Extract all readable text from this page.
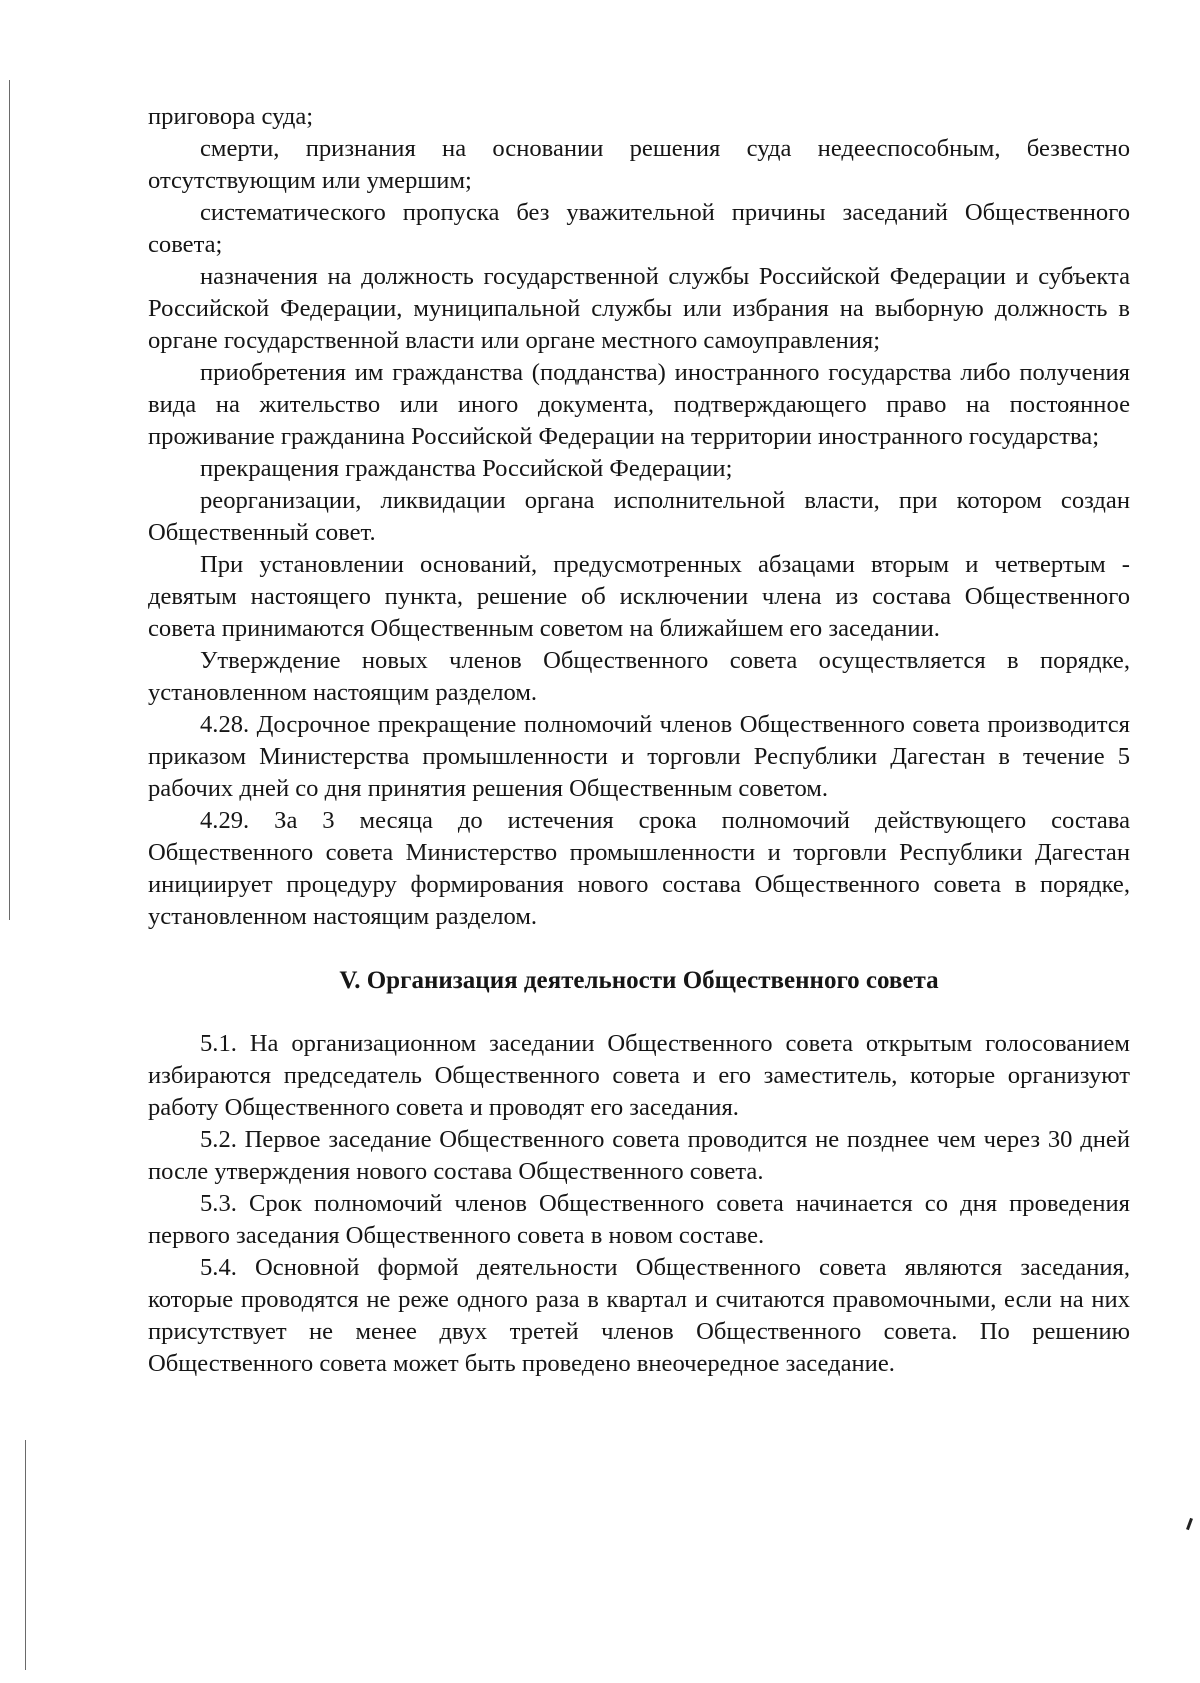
приговора суда;

смерти, признания на основании решения суда недееспособным, безвестно отсутствующим или умершим;

систематического пропуска без уважительной причины заседаний Общественного совета;

назначения на должность государственной службы Российской Федерации и субъекта Российской Федерации, муниципальной службы или избрания на выборную должность в органе государственной власти или органе местного самоуправления;

приобретения им гражданства (подданства) иностранного государства либо получения вида на жительство или иного документа, подтверждающего право на постоянное проживание гражданина Российской Федерации на территории иностранного государства;

прекращения гражданства Российской Федерации;

реорганизации, ликвидации органа исполнительной власти, при котором создан Общественный совет.

При установлении оснований, предусмотренных абзацами вторым и четвертым - девятым настоящего пункта, решение об исключении члена из состава Общественного совета принимаются Общественным советом на ближайшем его заседании.

Утверждение новых членов Общественного совета осуществляется в порядке, установленном настоящим разделом.

4.28. Досрочное прекращение полномочий членов Общественного совета производится приказом Министерства промышленности и торговли Республики Дагестан в течение 5 рабочих дней со дня принятия решения Общественным советом.

4.29. За 3 месяца до истечения срока полномочий действующего состава Общественного совета Министерство промышленности и торговли Республики Дагестан инициирует процедуру формирования нового состава Общественного совета в порядке, установленном настоящим разделом.

V. Организация деятельности Общественного совета

5.1. На организационном заседании Общественного совета открытым голосованием избираются председатель Общественного совета и его заместитель, которые организуют работу Общественного совета и проводят его заседания.

5.2. Первое заседание Общественного совета проводится не позднее чем через 30 дней после утверждения нового состава Общественного совета.

5.3. Срок полномочий членов Общественного совета начинается со дня проведения первого заседания Общественного совета в новом составе.

5.4. Основной формой деятельности Общественного совета являются заседания, которые проводятся не реже одного раза в квартал и считаются правомочными, если на них присутствует не менее двух третей членов Общественного совета. По решению Общественного совета может быть проведено внеочередное заседание.
